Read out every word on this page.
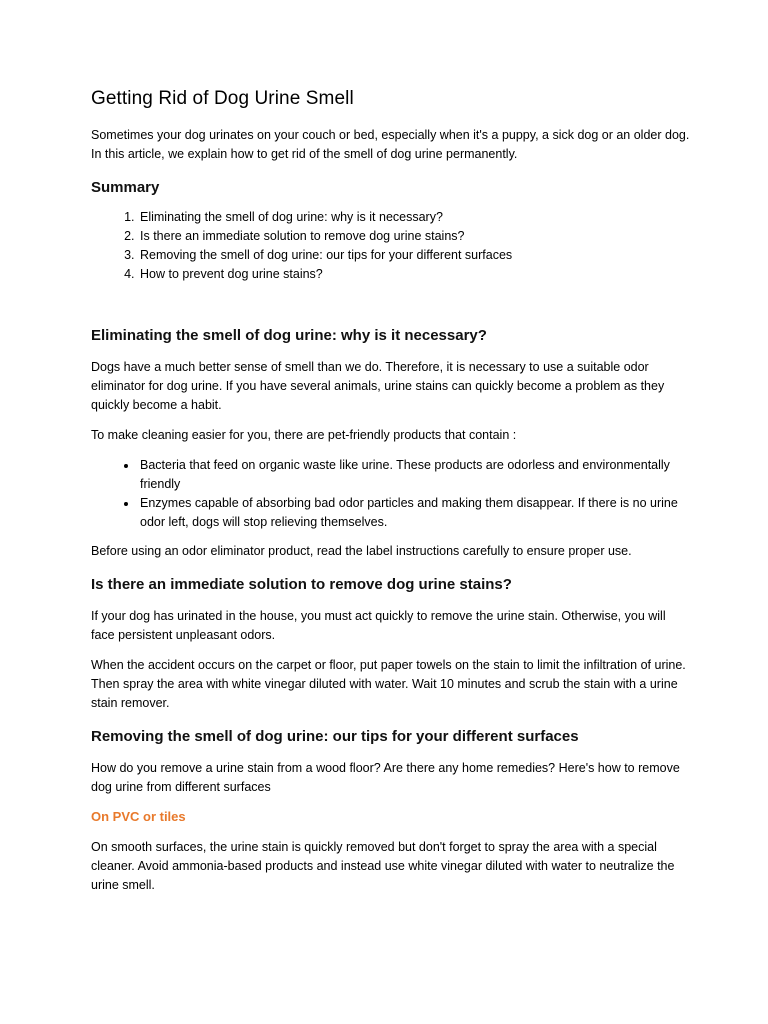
Getting Rid of Dog Urine Smell

Sometimes your dog urinates on your couch or bed, especially when it's a puppy, a sick dog or an older dog. In this article, we explain how to get rid of the smell of dog urine permanently.

Summary
1. Eliminating the smell of dog urine: why is it necessary?
2. Is there an immediate solution to remove dog urine stains?
3. Removing the smell of dog urine: our tips for your different surfaces
4. How to prevent dog urine stains?
Eliminating the smell of dog urine: why is it necessary?

Dogs have a much better sense of smell than we do. Therefore, it is necessary to use a suitable odor eliminator for dog urine. If you have several animals, urine stains can quickly become a problem as they quickly become a habit.

To make cleaning easier for you, there are pet-friendly products that contain :

• Bacteria that feed on organic waste like urine. These products are odorless and environmentally friendly
• Enzymes capable of absorbing bad odor particles and making them disappear. If there is no urine odor left, dogs will stop relieving themselves.

Before using an odor eliminator product, read the label instructions carefully to ensure proper use.

Is there an immediate solution to remove dog urine stains?

If your dog has urinated in the house, you must act quickly to remove the urine stain. Otherwise, you will face persistent unpleasant odors.

When the accident occurs on the carpet or floor, put paper towels on the stain to limit the infiltration of urine. Then spray the area with white vinegar diluted with water. Wait 10 minutes and scrub the stain with a urine stain remover.

Removing the smell of dog urine: our tips for your different surfaces

How do you remove a urine stain from a wood floor? Are there any home remedies? Here's how to remove dog urine from different surfaces

On PVC or tiles

On smooth surfaces, the urine stain is quickly removed but don't forget to spray the area with a special cleaner. Avoid ammonia-based products and instead use white vinegar diluted with water to neutralize the urine smell.
